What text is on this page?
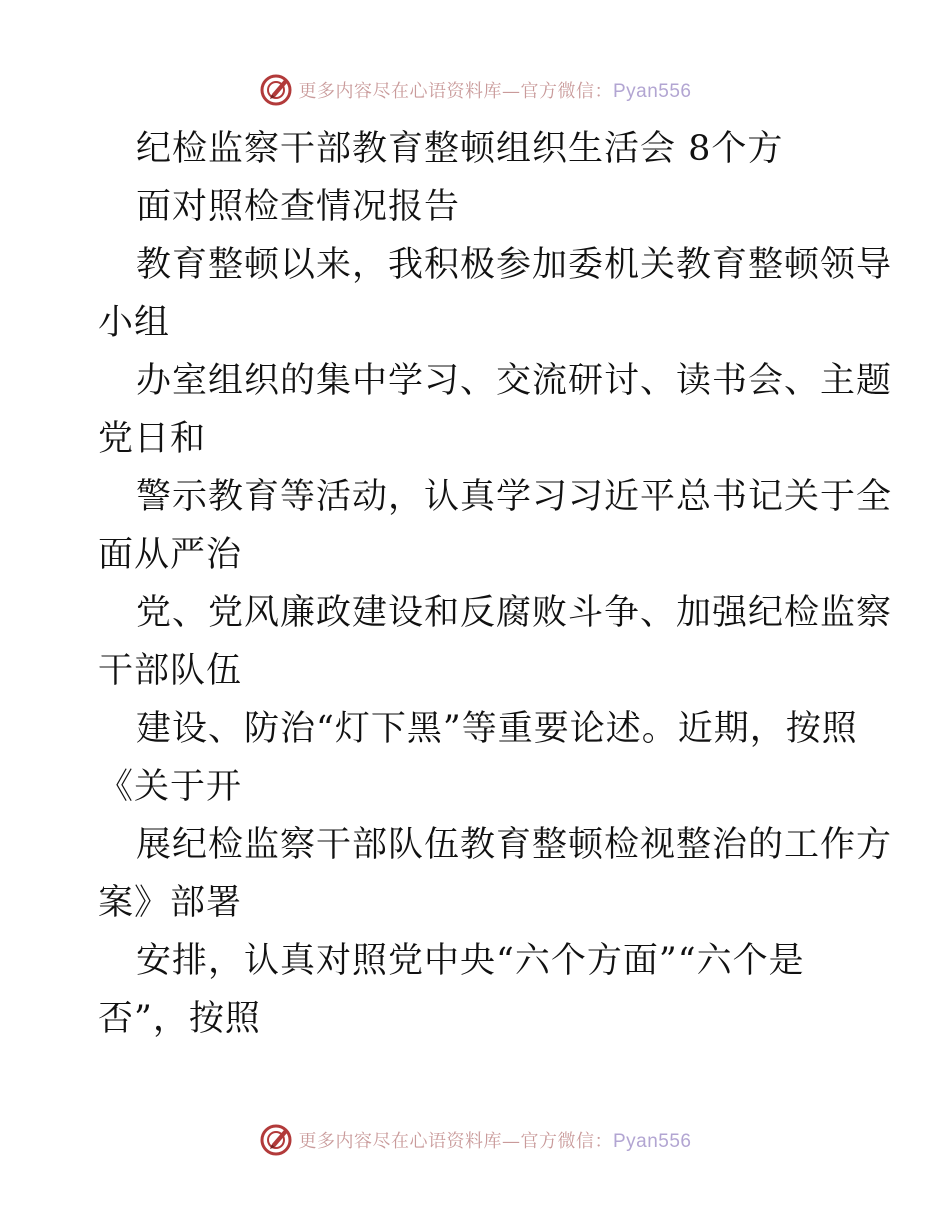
更多内容尽在心语资料库—官方微信：Pyan556
纪检监察干部教育整顿组织生活会 8个方
面对照检查情况报告
教育整顿以来，我积极参加委机关教育整顿领导
小组
办室组织的集中学习、交流研讨、读书会、主题
党日和
警示教育等活动，认真学习习近平总书记关于全
面从严治
党、党风廉政建设和反腐败斗争、加强纪检监察
干部队伍
建设、防治“灯下黑”等重要论述。近期，按照
《关于开
展纪检监察干部队伍教育整顿检视整治的工作方
案》部署
安排，认真对照党中央“六个方面”“六个是
否”，按照
更多内容尽在心语资料库—官方微信：Pyan556
